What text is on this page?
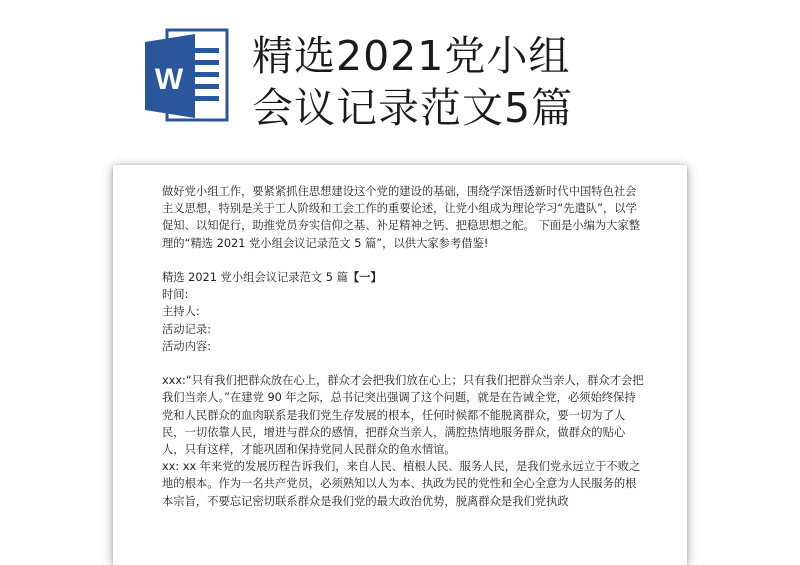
W 精选2021党小组
会议记录范文5篇

做好党小组工作，要紧紧抓住思想建设这个党的建设的基础，围绕学深悟透新时代中国特色社会主义思想，特别是关于工人阶级和工会工作的重要论述，让党小组成为理论学习“先遣队”，以学促知、以知促行，助推党员夯实信仰之基、补足精神之钙、把稳思想之舵。 下面是小编为大家整理的“精选 2021 党小组会议记录范文 5 篇”，以供大家参考借鉴!

精选 2021 党小组会议记录范文 5 篇【一】

时间:

主持人:

活动记录:

活动内容:

xxx:“只有我们把群众放在心上，群众才会把我们放在心上；只有我们把群众当亲人，群众才会把我们当亲人。”在建党 90 年之际，总书记突出强调了这个问题，就是在告诫全党，必须始终保持党和人民群众的血肉联系是我们党生存发展的根本，任何时候都不能脱离群众，要一切为了人民，一切依靠人民，增进与群众的感情，把群众当亲人，满腔热情地服务群众，做群众的贴心人，只有这样，才能巩固和保持党同人民群众的鱼水情谊。

xx: xx 年来党的发展历程告诉我们，来自人民、植根人民、服务人民，是我们党永远立于不败之地的根本。作为一名共产党员，必须熟知以人为本、执政为民的党性和全心全意为人民服务的根本宗旨，不要忘记密切联系群众是我们党的最大政治优势，脱离群众是我们党执政
